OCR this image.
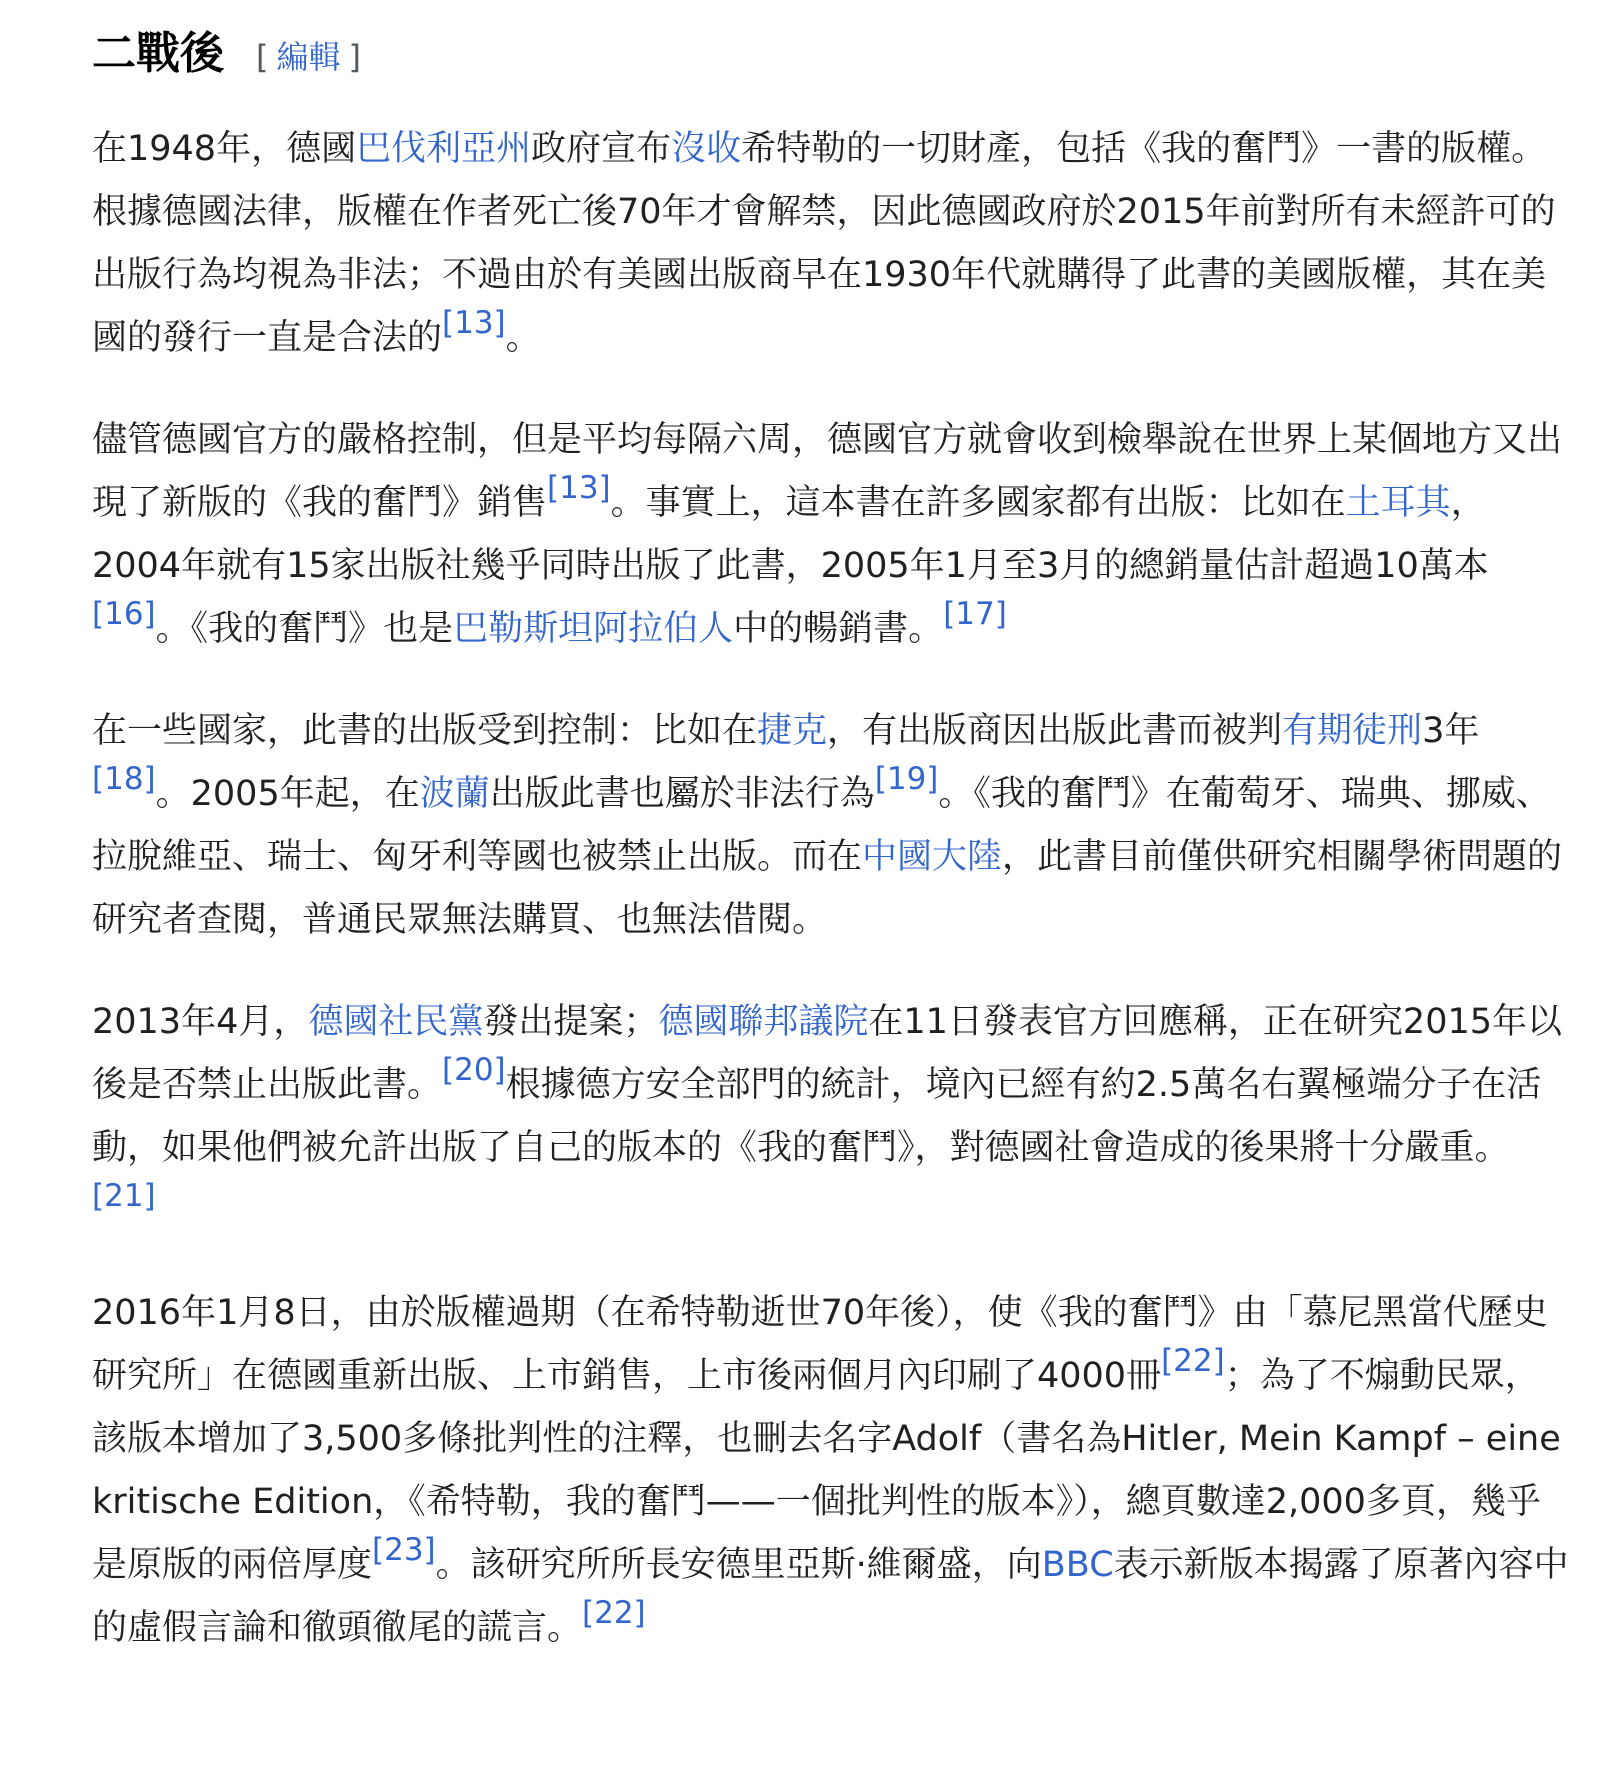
二戰後 [ 編輯 ]

在1948年，德國巴伐利亞州政府宣布沒收希特勒的一切財產，包括《我的奮鬥》一書的版權。根據德國法律，版權在作者死亡後70年才會解禁，因此德國政府於2015年前對所有未經許可的出版行為均視為非法；不過由於有美國出版商早在1930年代就購得了此書的美國版權，其在美國的發行一直是合法的[13]。

儘管德國官方的嚴格控制，但是平均每隔六周，德國官方就會收到檢舉說在世界上某個地方又出現了新版的《我的奮鬥》銷售[13]。事實上，這本書在許多國家都有出版：比如在土耳其，2004年就有15家出版社幾乎同時出版了此書，2005年1月至3月的總銷量估計超過10萬本[16]。《我的奮鬥》也是巴勒斯坦阿拉伯人中的暢銷書。[17]

在一些國家，此書的出版受到控制：比如在捷克，有出版商因出版此書而被判有期徒刑3年[18]。2005年起，在波蘭出版此書也屬於非法行為[19]。《我的奮鬥》在葡萄牙、瑞典、挪威、拉脫維亞、瑞士、匈牙利等國也被禁止出版。而在中國大陸，此書目前僅供研究相關學術問題的研究者查閱，普通民眾無法購買、也無法借閱。

2013年4月，德國社民黨發出提案；德國聯邦議院在11日發表官方回應稱，正在研究2015年以後是否禁止出版此書。[20]根據德方安全部門的統計，境內已經有約2.5萬名右翼極端分子在活動，如果他們被允許出版了自己的版本的《我的奮鬥》，對德國社會造成的後果將十分嚴重。[21]

2016年1月8日，由於版權過期（在希特勒逝世70年後），使《我的奮鬥》由「慕尼黑當代歷史研究所」在德國重新出版、上市銷售，上市後兩個月內印刷了4000冊[22]；為了不煽動民眾，該版本增加了3,500多條批判性的注釋，也刪去名字Adolf（書名為Hitler, Mein Kampf – eine kritische Edition，《希特勒，我的奮鬥——一個批判性的版本》），總頁數達2,000多頁，幾乎是原版的兩倍厚度[23]。該研究所所長安德里亞斯·維爾盛，向BBC表示新版本揭露了原著內容中的虛假言論和徹頭徹尾的謊言。[22]
